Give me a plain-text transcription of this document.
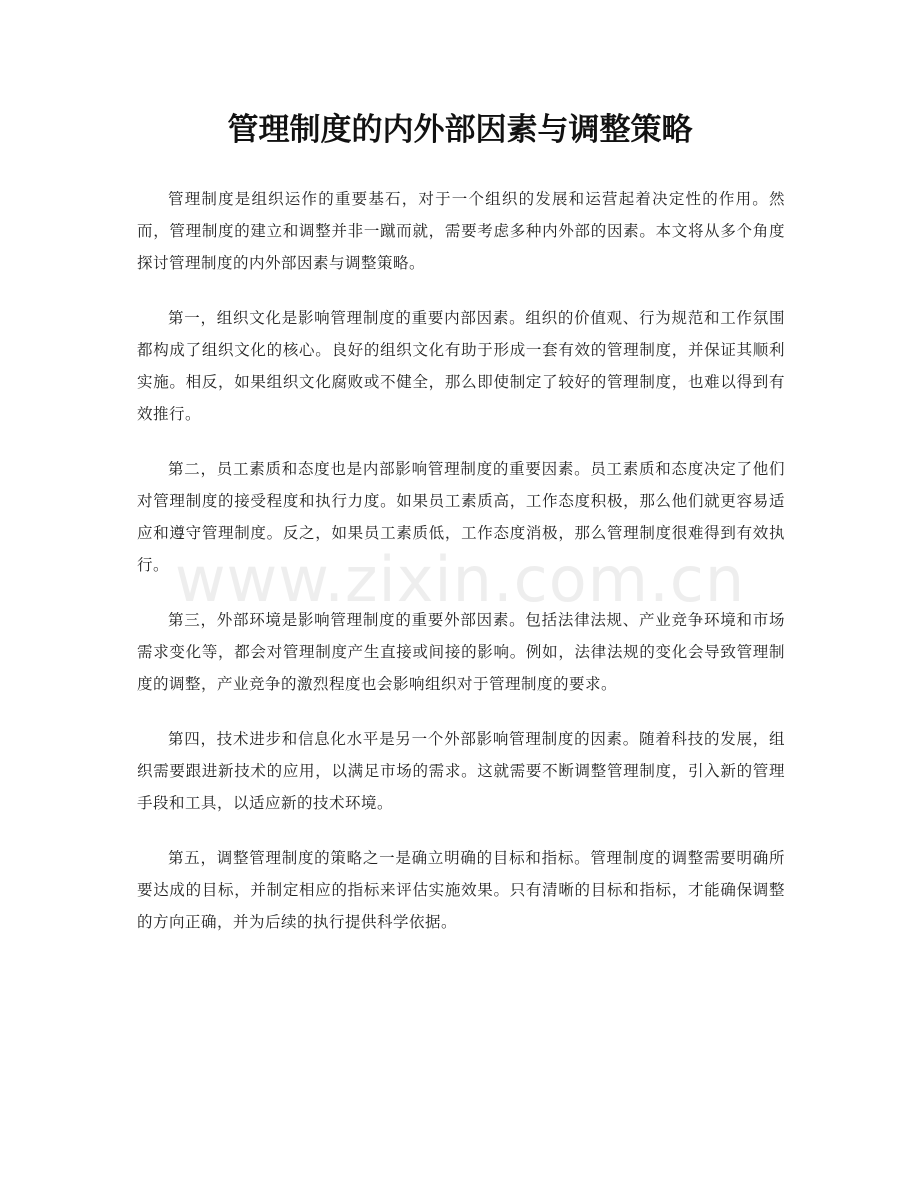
管理制度的内外部因素与调整策略

管理制度是组织运作的重要基石，对于一个组织的发展和运营起着决定性的作用。然而，管理制度的建立和调整并非一蹴而就，需要考虑多种内外部的因素。本文将从多个角度探讨管理制度的内外部因素与调整策略。

第一，组织文化是影响管理制度的重要内部因素。组织的价值观、行为规范和工作氛围都构成了组织文化的核心。良好的组织文化有助于形成一套有效的管理制度，并保证其顺利实施。相反，如果组织文化腐败或不健全，那么即使制定了较好的管理制度，也难以得到有效推行。

第二，员工素质和态度也是内部影响管理制度的重要因素。员工素质和态度决定了他们对管理制度的接受程度和执行力度。如果员工素质高，工作态度积极，那么他们就更容易适应和遵守管理制度。反之，如果员工素质低，工作态度消极，那么管理制度很难得到有效执行。

第三，外部环境是影响管理制度的重要外部因素。包括法律法规、产业竞争环境和市场需求变化等，都会对管理制度产生直接或间接的影响。例如，法律法规的变化会导致管理制度的调整，产业竞争的激烈程度也会影响组织对于管理制度的要求。

第四，技术进步和信息化水平是另一个外部影响管理制度的因素。随着科技的发展，组织需要跟进新技术的应用，以满足市场的需求。这就需要不断调整管理制度，引入新的管理手段和工具，以适应新的技术环境。

第五，调整管理制度的策略之一是确立明确的目标和指标。管理制度的调整需要明确所要达成的目标，并制定相应的指标来评估实施效果。只有清晰的目标和指标，才能确保调整的方向正确，并为后续的执行提供科学依据。

www.zixin.com.cn
